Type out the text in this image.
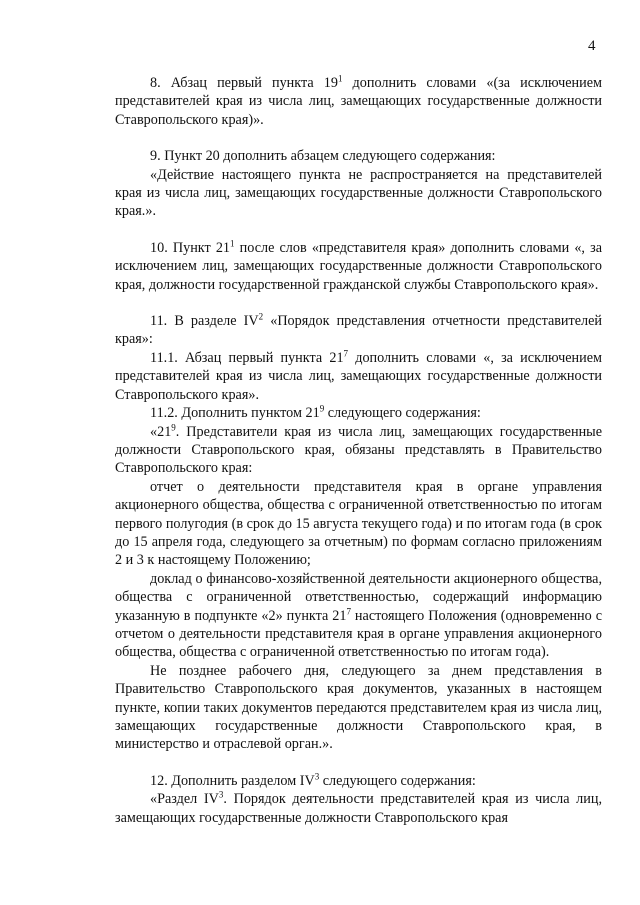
4

8. Абзац первый пункта $19^1$ дополнить словами «(за исключением представителей края из числа лиц, замещающих государственные должности Ставропольского края)».

9. Пункт 20 дополнить абзацем следующего содержания:

«Действие настоящего пункта не распространяется на представителей края из числа лиц, замещающих государственные должности Ставропольского края.».

10. Пункт $21^1$ после слов «представителя края» дополнить словами «, за исключением лиц, замещающих государственные должности Ставропольского края, должности государственной гражданской службы Ставропольского края».

11. В разделе $IV^2$ «Порядок представления отчетности представителей края»:

11.1. Абзац первый пункта $21^7$ дополнить словами «, за исключением представителей края из числа лиц, замещающих государственные должности Ставропольского края».

11.2. Дополнить пунктом $21^9$ следующего содержания:

«$21^9$. Представители края из числа лиц, замещающих государственные должности Ставропольского края, обязаны представлять в Правительство Ставропольского края:

отчет о деятельности представителя края в органе управления акционерного общества, общества с ограниченной ответственностью по итогам первого полугодия (в срок до 15 августа текущего года) и по итогам года (в срок до 15 апреля года, следующего за отчетным) по формам согласно приложениям 2 и 3 к настоящему Положению;

доклад о финансово-хозяйственной деятельности акционерного общества, общества с ограниченной ответственностью, содержащий информацию указанную в подпункте «2» пункта $21^7$ настоящего Положения (одновременно с отчетом о деятельности представителя края в органе управления акционерного общества, общества с ограниченной ответственностью по итогам года).

Не позднее рабочего дня, следующего за днем представления в Правительство Ставропольского края документов, указанных в настоящем пункте, копии таких документов передаются представителем края из числа лиц, замещающих государственные должности Ставропольского края, в министерство и отраслевой орган.».

12. Дополнить разделом $IV^3$ следующего содержания:

«Раздел $IV^3$. Порядок деятельности представителей края из числа лиц, замещающих государственные должности Ставропольского края
